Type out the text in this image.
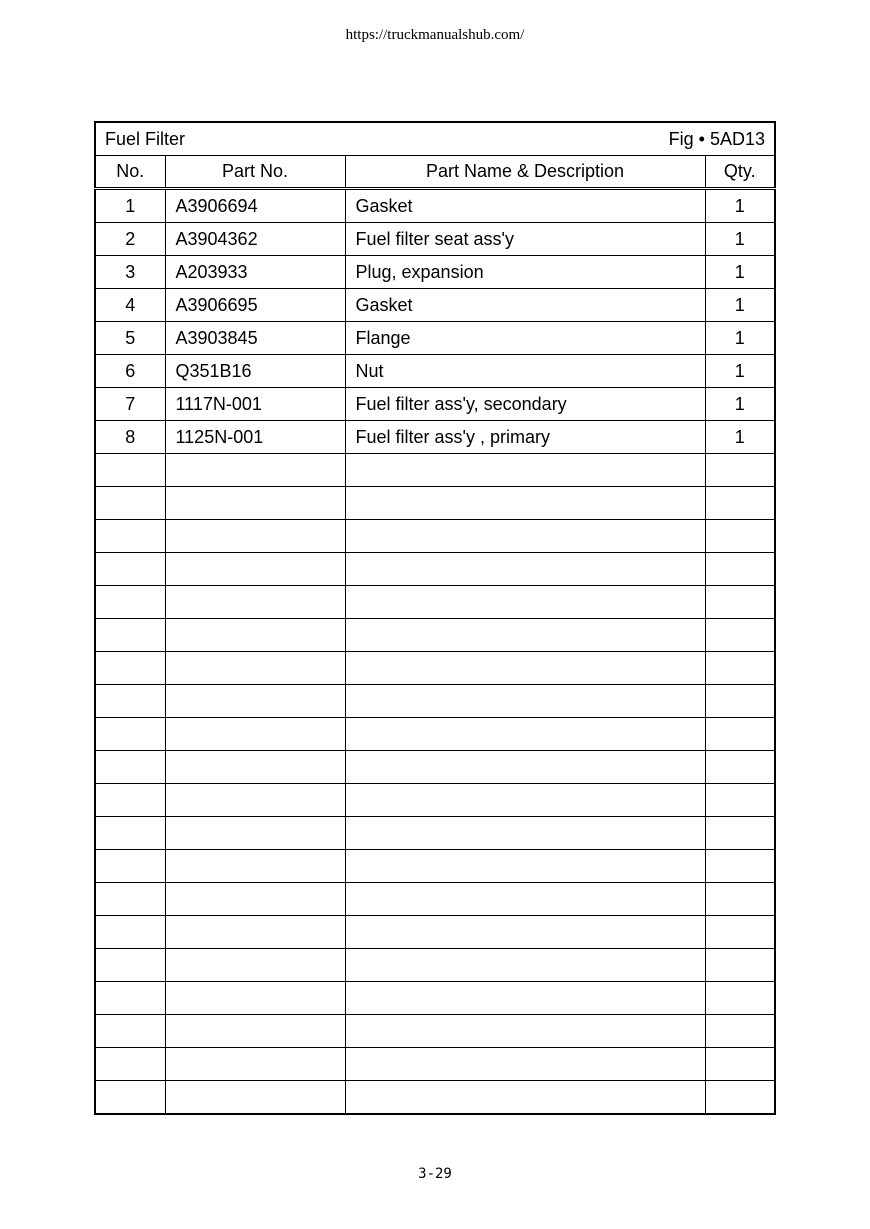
https://truckmanualshub.com/
Fuel Filter Fig • 5AD13			

No.	Part No.	Part Name & Description	Qty.
1	A3906694	Gasket	1
2	A3904362	Fuel filter seat ass'y	1
3	A203933	Plug, expansion	1
4	A3906695	Gasket	1
5	A3903845	Flange	1
6	Q351B16	Nut	1
7	1117N-001	Fuel filter ass'y, secondary	1
8	1125N-001	Fuel filter ass'y , primary	1

3-29
